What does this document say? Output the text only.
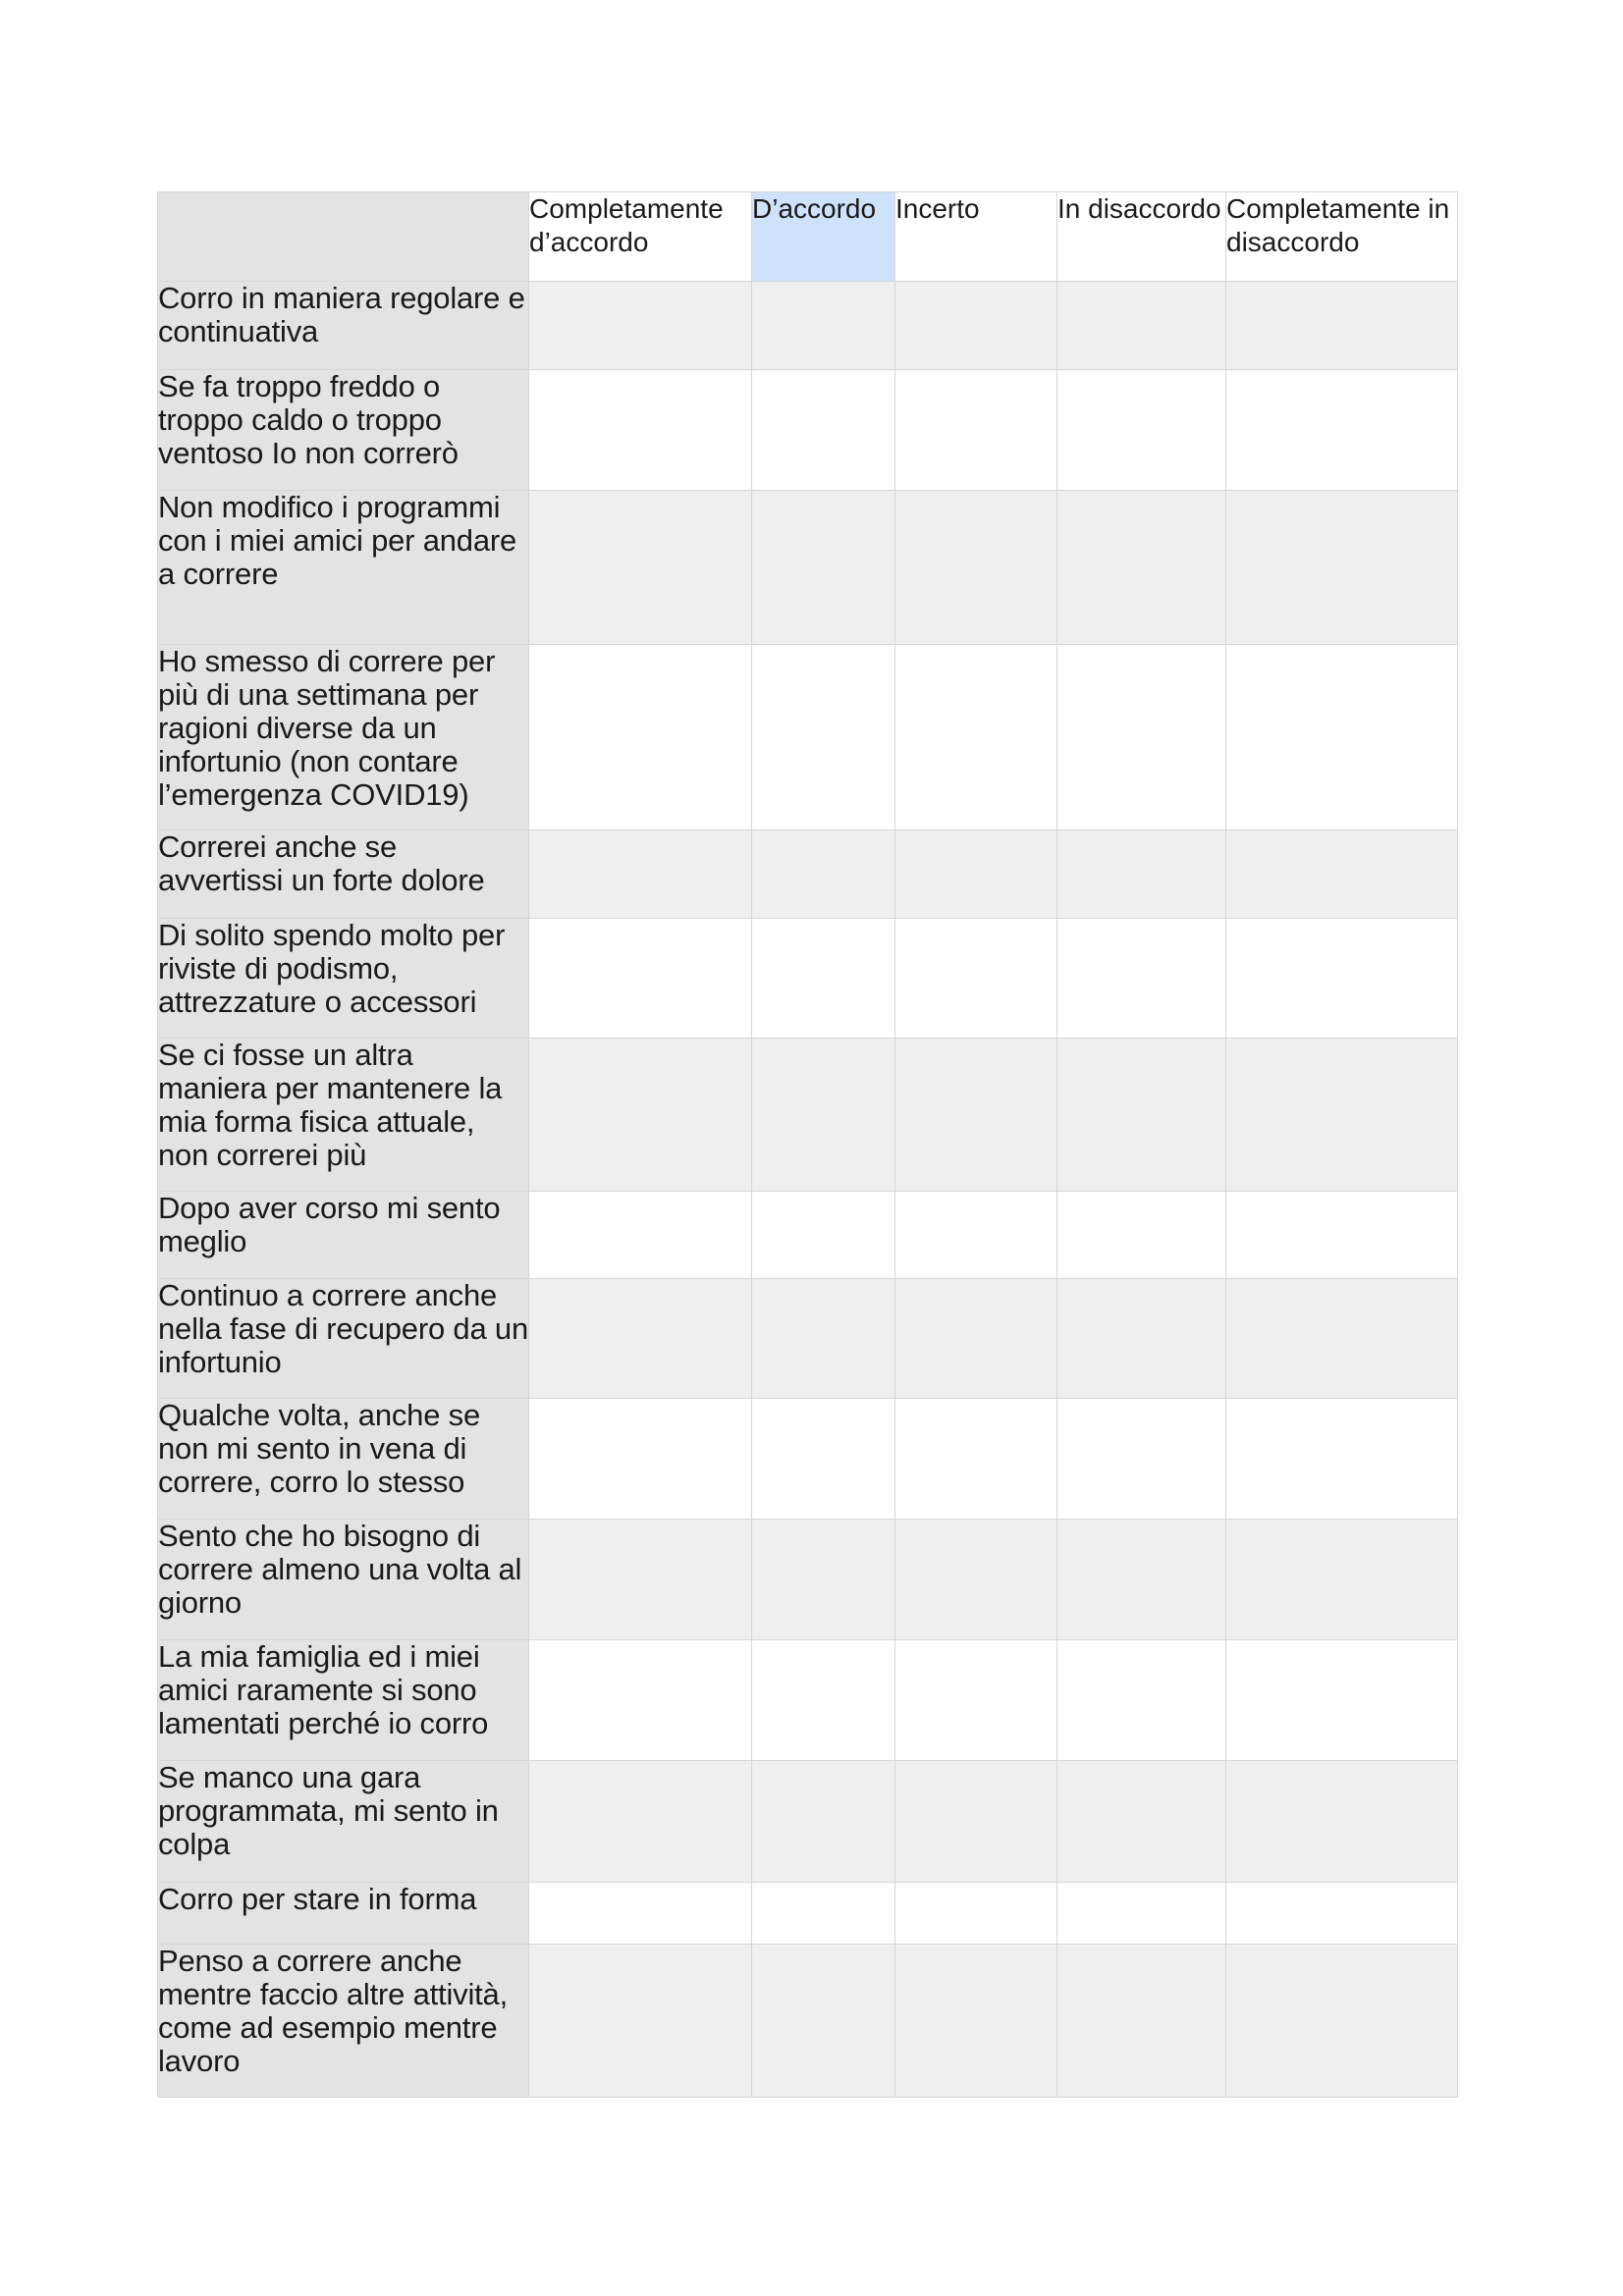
	Completamente d’accordo	D’accordo	Incerto	In disaccordo	Completamente in disaccordo
Corro in maniera regolare e continuativa					
Se fa troppo freddo o troppo caldo o troppo ventoso Io non correrò					
Non modifico i programmi con i miei amici per andare a correre					
Ho smesso di correre per più di una settimana per ragioni diverse da un infortunio (non contare l’emergenza COVID19)					
Correrei anche se avvertissi un forte dolore					
Di solito spendo molto per riviste di podismo, attrezzature o accessori					
Se ci fosse un altra maniera per mantenere la mia forma fisica attuale, non correrei più					
Dopo aver corso mi sento meglio					
Continuo a correre anche nella fase di recupero da un infortunio					
Qualche volta, anche se non mi sento in vena di correre, corro lo stesso					
Sento che ho bisogno di correre almeno una volta al giorno					
La mia famiglia ed i miei amici raramente si sono lamentati perché io corro					
Se manco una gara programmata, mi sento in colpa					
Corro per stare in forma					
Penso a correre anche mentre faccio altre attività, come ad esempio mentre lavoro					
